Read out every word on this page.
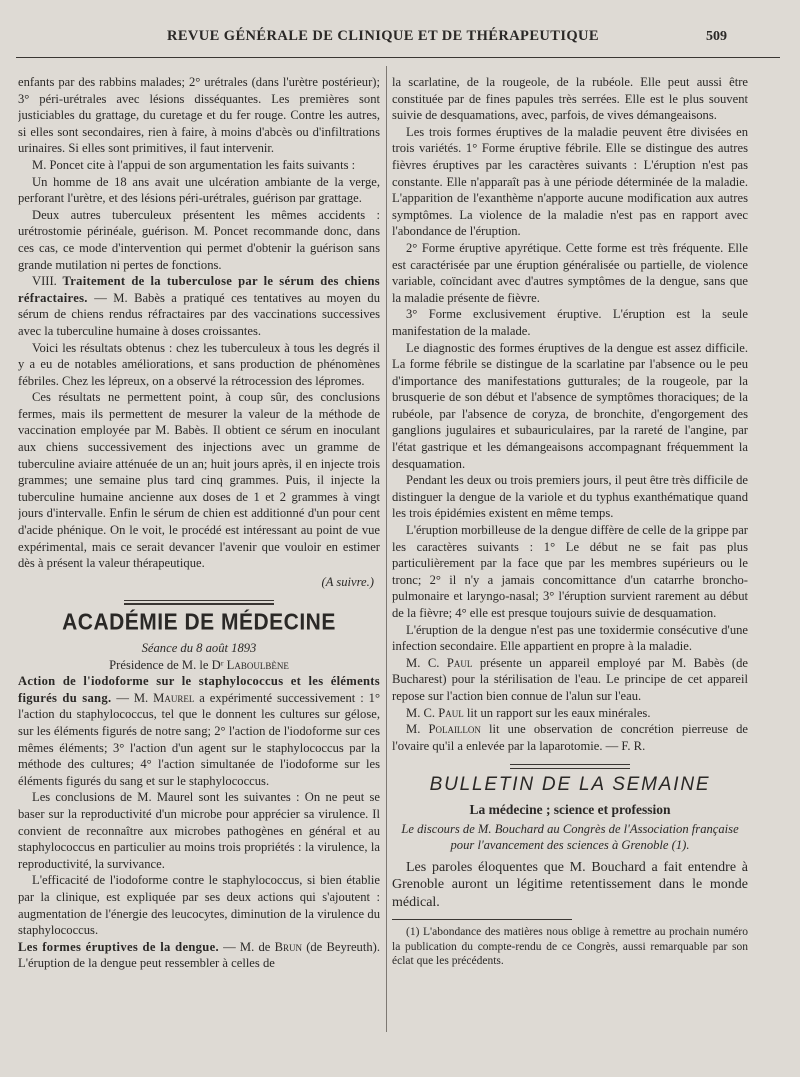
REVUE GÉNÉRALE DE CLINIQUE ET DE THÉRAPEUTIQUE	509

enfants par des rabbins malades; 2° urétrales (dans l'urètre postérieur); 3° péri-urétrales avec lésions disséquantes. Les premières sont justiciables du grattage, du curetage et du fer rouge. Contre les autres, si elles sont secondaires, rien à faire, à moins d'abcès ou d'infiltrations urinaires. Si elles sont primitives, il faut intervenir.

M. Poncet cite à l'appui de son argumentation les faits suivants :

Un homme de 18 ans avait une ulcération ambiante de la verge, perforant l'urètre, et des lésions péri-urétrales, guérison par grattage.

Deux autres tuberculeux présentent les mêmes accidents : urétrostomie périnéale, guérison. M. Poncet recommande donc, dans ces cas, ce mode d'intervention qui permet d'obtenir la guérison sans grande mutilation ni pertes de fonctions.

VIII. Traitement de la tuberculose par le sérum des chiens réfractaires. — M. Babès a pratiqué ces tentatives au moyen du sérum de chiens rendus réfractaires par des vaccinations successives avec la tuberculine humaine à doses croissantes.

Voici les résultats obtenus : chez les tuberculeux à tous les degrés il y a eu de notables améliorations, et sans production de phénomènes fébriles. Chez les lépreux, on a observé la rétrocession des lépromes.

Ces résultats ne permettent point, à coup sûr, des conclusions fermes, mais ils permettent de mesurer la valeur de la méthode de vaccination employée par M. Babès. Il obtient ce sérum en inoculant aux chiens successivement des injections avec un gramme de tuberculine aviaire atténuée de un an; huit jours après, il en injecte trois grammes; une semaine plus tard cinq grammes. Puis, il injecte la tuberculine humaine ancienne aux doses de 1 et 2 grammes à vingt jours d'intervalle. Enfin le sérum de chien est additionné d'un pour cent d'acide phénique. On le voit, le procédé est intéressant au point de vue expérimental, mais ce serait devancer l'avenir que vouloir en estimer dès à présent la valeur thérapeutique.

(A suivre.)
ACADÉMIE DE MÉDECINE

Séance du 8 août 1893

Présidence de M. le Dʳ Laboulbène

Action de l'iodoforme sur le staphylococcus et les éléments figurés du sang. — M. Maurel a expérimenté successivement : 1° l'action du staphylococcus, tel que le donnent les cultures sur gélose, sur les éléments figurés de notre sang; 2° l'action de l'iodoforme sur ces mêmes éléments; 3° l'action d'un agent sur le staphylococcus par la méthode des cultures; 4° l'action simultanée de l'iodoforme sur les éléments figurés du sang et sur le staphylococcus.

Les conclusions de M. Maurel sont les suivantes : On ne peut se baser sur la reproductivité d'un microbe pour apprécier sa virulence. Il convient de reconnaître aux microbes pathogènes en général et au staphylococcus en particulier au moins trois propriétés : la virulence, la reproductivité, la survivance.

L'efficacité de l'iodoforme contre le staphylococcus, si bien établie par la clinique, est expliquée par ses deux actions qui s'ajoutent : augmentation de l'énergie des leucocytes, diminution de la virulence du staphylococcus.

Les formes éruptives de la dengue. — M. de Brun (de Beyreuth). L'éruption de la dengue peut ressembler à celles de

la scarlatine, de la rougeole, de la rubéole. Elle peut aussi être constituée par de fines papules très serrées. Elle est le plus souvent suivie de desquamations, avec, parfois, de vives démangeaisons.

Les trois formes éruptives de la maladie peuvent être divisées en trois variétés. 1° Forme éruptive fébrile. Elle se distingue des autres fièvres éruptives par les caractères suivants : L'éruption n'est pas constante. Elle n'apparaît pas à une période déterminée de la maladie. L'apparition de l'exanthème n'apporte aucune modification aux autres symptômes. La violence de la maladie n'est pas en rapport avec l'abondance de l'éruption.

2° Forme éruptive apyrétique. Cette forme est très fréquente. Elle est caractérisée par une éruption généralisée ou partielle, de violence variable, coïncidant avec d'autres symptômes de la dengue, sans que la maladie présente de fièvre.

3° Forme exclusivement éruptive. L'éruption est la seule manifestation de la malade.

Le diagnostic des formes éruptives de la dengue est assez difficile. La forme fébrile se distingue de la scarlatine par l'absence ou le peu d'importance des manifestations gutturales; de la rougeole, par la brusquerie de son début et l'absence de symptômes thoraciques; de la rubéole, par l'absence de coryza, de bronchite, d'engorgement des ganglions jugulaires et subauriculaires, par la rareté de l'angine, par l'état gastrique et les démangeaisons accompagnant fréquemment la desquamation.

Pendant les deux ou trois premiers jours, il peut être très difficile de distinguer la dengue de la variole et du typhus exanthématique quand les trois épidémies existent en même temps.

L'éruption morbilleuse de la dengue diffère de celle de la grippe par les caractères suivants : 1° Le début ne se fait pas plus particulièrement par la face que par les membres supérieurs ou le tronc; 2° il n'y a jamais concomittance d'un catarrhe broncho-pulmonaire et laryngo-nasal; 3° l'éruption survient rarement au début de la fièvre; 4° elle est presque toujours suivie de desquamation.

L'éruption de la dengue n'est pas une toxidermie consécutive d'une infection secondaire. Elle appartient en propre à la maladie.

M. C. Paul présente un appareil employé par M. Babès (de Bucharest) pour la stérilisation de l'eau. Le principe de cet appareil repose sur l'action bien connue de l'alun sur l'eau.

M. C. Paul lit un rapport sur les eaux minérales.

M. Polaillon lit une observation de concrétion pierreuse de l'ovaire qu'il a enlevée par la laparotomie. — F. R.

BULLETIN DE LA SEMAINE

La médecine ; science et profession

Le discours de M. Bouchard au Congrès de l'Association française pour l'avancement des sciences à Grenoble (1).

Les paroles éloquentes que M. Bouchard a fait entendre à Grenoble auront un légitime retentissement dans le monde médical.

(1) L'abondance des matières nous oblige à remettre au prochain numéro la publication du compte-rendu de ce Congrès, aussi remarquable par son éclat que les précédents.
